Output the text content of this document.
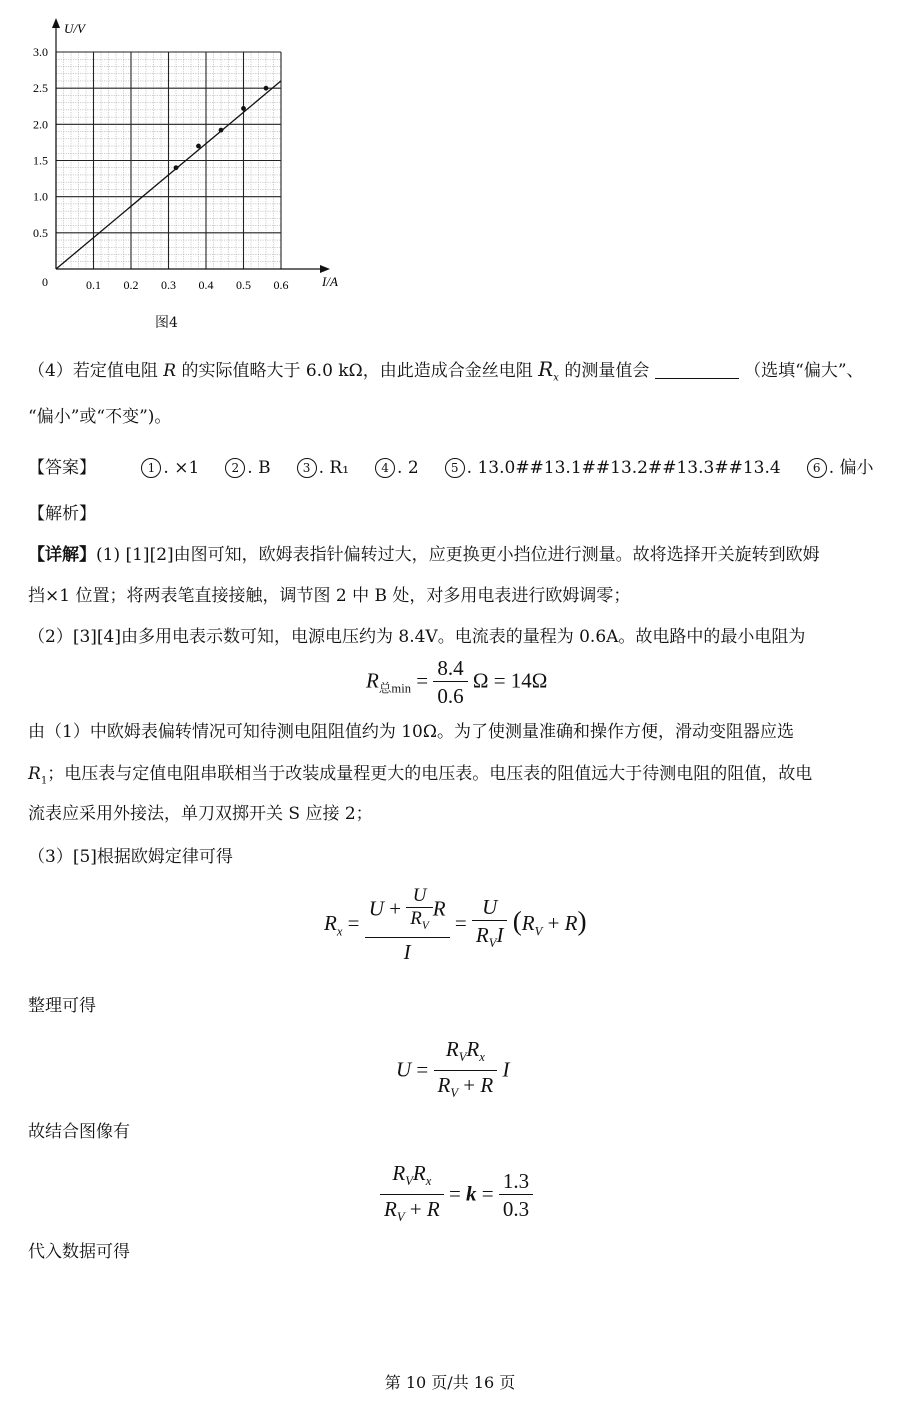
U/V
I/A
0	0.1 0.2 0.3 0.4 0.5 0.6
0.5
1.0
1.5
2.0
2.5
3.0
图4
（4）若定值电阻 R 的实际值略大于 6.0 kΩ，由此造成合金丝电阻 $R_x$ 的测量值会	（选填“偏大”、
“偏小”或“不变”)。
【答案】	1 . ×1	2 . B	3 . R₁	4 . 2	5 . 13.0##13.1##13.2##13.3##13.4	6 . 偏小
【解析】
【详解】(1) [1][2]由图可知，欧姆表指针偏转过大，应更换更小挡位进行测量。故将选择开关旋转到欧姆
挡×1 位置；将两表笔直接接触，调节图 2 中 B 处，对多用电表进行欧姆调零；
（2）[3][4]由多用电表示数可知，电源电压约为 8.4V。电流表的量程为 0.6A。故电路中的最小电阻为
$R_{总min} = \frac{8.4}{0.6}$ Ω = 14Ω
由（1）中欧姆表偏转情况可知待测电阻阻值约为 10Ω。为了使测量准确和操作方便，滑动变阻器应选
$R_1$；电压表与定值电阻串联相当于改装成量程更大的电压表。电压表的阻值远大于待测电阻的阻值，故电
流表应采用外接法，单刀双掷开关 S 应接 2；
（3）[5]根据欧姆定律可得
$R_x = \frac{U + \frac{U}{R_V} R}{I} = \frac{U}{R_VI} (R_V + R)$
整理可得
$U = \frac{R_VR_x}{R_V + R}$ I
故结合图像有
$\frac{R_VR_x}{R_V + R} = k = \frac{1.3}{0.3}$
代入数据可得
第 10 页/共 16 页
